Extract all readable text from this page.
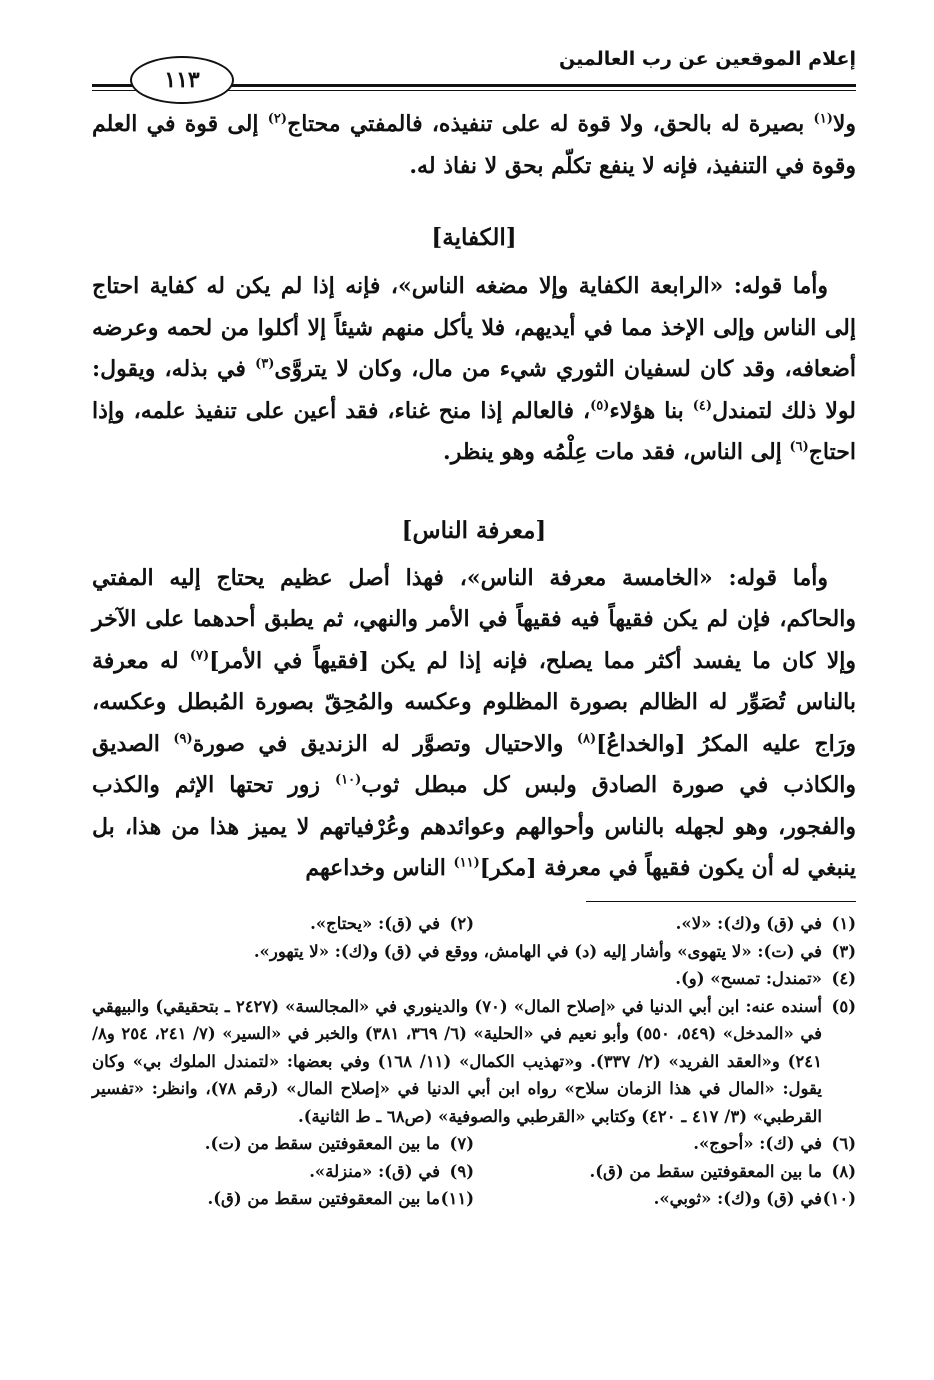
إعلام الموقعين عن رب العالمين
١١٣

ولا$^{(١)}$ بصيرة له بالحق، ولا قوة له على تنفيذه، فالمفتي محتاج$^{(٢)}$ إلى قوة في العلم وقوة في التنفيذ، فإنه لا ينفع تكلّم بحق لا نفاذ له.

[الكفاية]

وأما قوله: «الرابعة الكفاية وإلا مضغه الناس»، فإنه إذا لم يكن له كفاية احتاج إلى الناس وإلى الإخذ مما في أيديهم، فلا يأكل منهم شيئاً إلا أكلوا من لحمه وعرضه أضعافه، وقد كان لسفيان الثوري شيء من مال، وكان لا يتروَّى$^{(٣)}$ في بذله، ويقول: لولا ذلك لتمندل$^{(٤)}$ بنا هؤلاء$^{(٥)}$، فالعالم إذا منح غناء، فقد أعين على تنفيذ علمه، وإذا احتاج$^{(٦)}$ إلى الناس، فقد مات عِلْمُه وهو ينظر.

[معرفة الناس]

وأما قوله: «الخامسة معرفة الناس»، فهذا أصل عظيم يحتاج إليه المفتي والحاكم، فإن لم يكن فقيهاً فيه فقيهاً في الأمر والنهي، ثم يطبق أحدهما على الآخر وإلا كان ما يفسد أكثر مما يصلح، فإنه إذا لم يكن [فقيهاً في الأمر]$^{(٧)}$ له معرفة بالناس تُصَوِّر له الظالم بصورة المظلوم وعكسه والمُحِقّ بصورة المُبطل وعكسه، ورَاج عليه المكرُ [والخداعُ]$^{(٨)}$ والاحتيال وتصوَّر له الزنديق في صورة$^{(٩)}$ الصديق والكاذب في صورة الصادق ولبس كل مبطل ثوب$^{(١٠)}$ زور تحتها الإثم والكذب والفجور، وهو لجهله بالناس وأحوالهم وعوائدهم وعُرْفياتهم لا يميز هذا من هذا، بل ينبغي له أن يكون فقيهاً في معرفة [مكر]$^{(١١)}$ الناس وخداعهم

(١)
في (ق) و(ك): «لا».
(٢)
في (ق): «يحتاج».
(٣)
في (ت): «لا يتهوى» وأشار إليه (د) في الهامش، ووقع في (ق) و(ك): «لا يتهور».
(٤)
«تمندل: تمسح» (و).
(٥)
أسنده عنه: ابن أبي الدنيا في «إصلاح المال» (٧٠) والدينوري في «المجالسة» (٢٤٢٧ ـ بتحقيقي) والبيهقي في «المدخل» (٥٤٩، ٥٥٠) وأبو نعيم في «الحلية» (٦/ ٣٦٩، ٣٨١) والخبر في «السير» (٧/ ٢٤١، ٢٥٤ و٨/ ٢٤١) و«العقد الفريد» (٢/ ٣٣٧). و«تهذيب الكمال» (١١/ ١٦٨) وفي بعضها: «لتمندل الملوك بي» وكان يقول: «المال في هذا الزمان سلاح» رواه ابن أبي الدنيا في «إصلاح المال» (رقم ٧٨)، وانظر: «تفسير القرطبي» (٣/ ٤١٧ ـ ٤٢٠) وكتابي «القرطبي والصوفية» (ص٦٨ ـ ط الثانية).
(٦)
في (ك): «أحوج».
(٧)
ما بين المعقوفتين سقط من (ت).
(٨)
ما بين المعقوفتين سقط من (ق).
(٩)
في (ق): «منزلة».
(١٠)
في (ق) و(ك): «ثوبي».
(١١)
ما بين المعقوفتين سقط من (ق).
